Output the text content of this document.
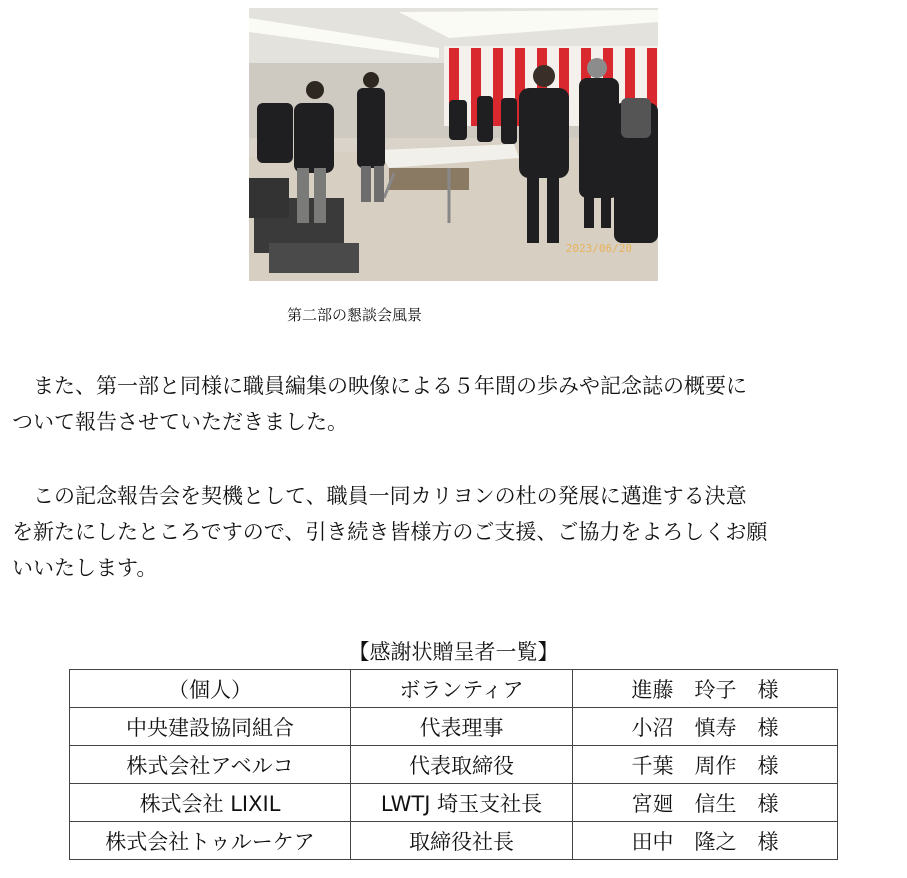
2023/06/20
第二部の懇談会風景
　また、第一部と同様に職員編集の映像による５年間の歩みや記念誌の概要に
ついて報告させていただきました。
　この記念報告会を契機として、職員一同カリヨンの杜の発展に邁進する決意
を新たにしたところですので、引き続き皆様方のご支援、ご協力をよろしくお願
いいたします。
【感謝状贈呈者一覧】
（個人）	ボランティア	進藤　玲子　様
中央建設協同組合	代表理事	小沼　慎寿　様
株式会社アベルコ	代表取締役	千葉　周作　様
株式会社 LIXIL	LWTJ 埼玉支社長	宮廻　信生　様
株式会社トゥルーケア	取締役社長	田中　隆之　様
